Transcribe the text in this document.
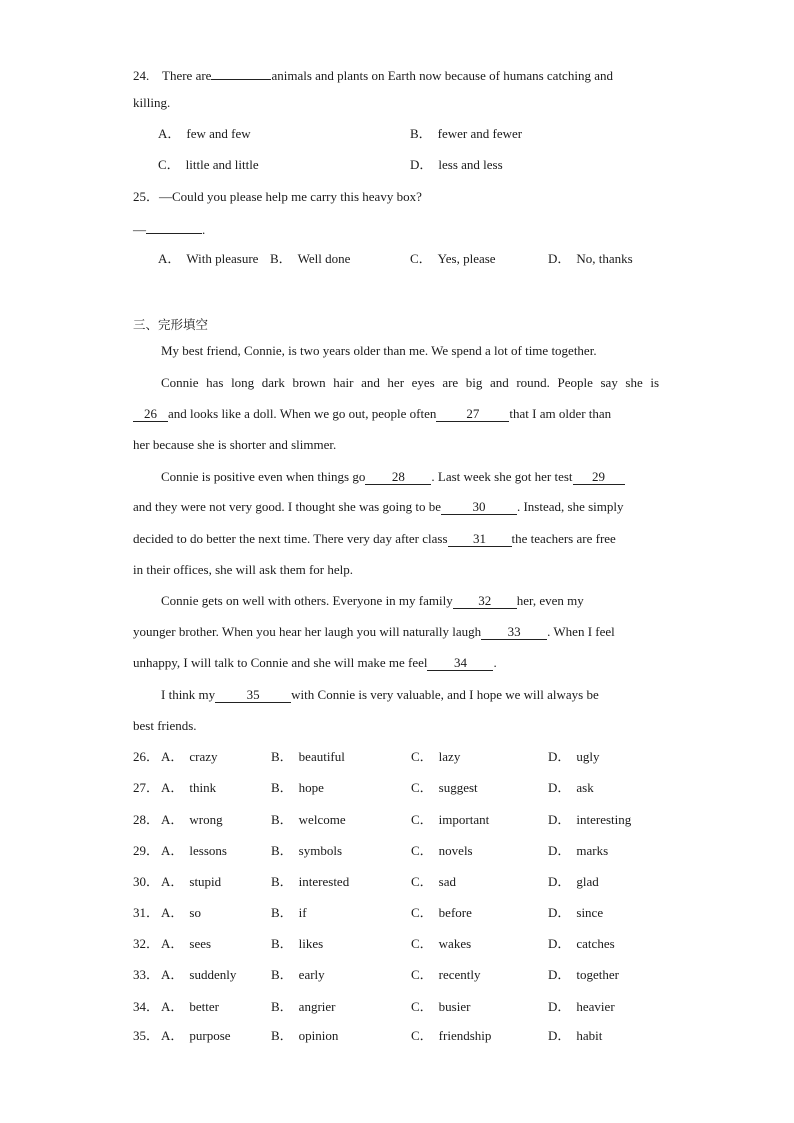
24. There are	animals and plants on Earth now because of humans catching and
killing.
A． few and few	B． fewer and fewer
C． little and little	D． less and less
25．—Could you please help me carry this heavy box?
—	.
A． With pleasure B． Well done	C． Yes, please	D． No, thanks
三、完形填空
My best friend, Connie, is two years older than me. We spend a lot of time together.
Connie has long dark brown hair and her eyes are big and round. People say she is
26 and looks like a doll. When we go out, people often 27 that I am older than
her because she is shorter and slimmer.
Connie is positive even when things go 28 . Last week she got her test 29
and they were not very good. I thought she was going to be 30 . Instead, she simply
decided to do better the next time. There very day after class 31 the teachers are free
in their offices, she will ask them for help.
Connie gets on well with others. Everyone in my family 32 her, even my
younger brother. When you hear her laugh you will naturally laugh 33 . When I feel
unhappy, I will talk to Connie and she will make me feel 34 .
I think my 35 with Connie is very valuable, and I hope we will always be
best friends.
26． A． crazy	B． beautiful	C． lazy	D． ugly
27． A． think	B． hope	C． suggest	D． ask
28． A． wrong	B． welcome	C． important	D． interesting
29． A． lessons	B． symbols	C． novels	D． marks
30． A． stupid	B． interested	C． sad	D． glad
31． A． so	B． if	C． before	D． since
32． A． sees	B． likes	C． wakes	D． catches
33． A． suddenly	B． early	C． recently	D． together
34． A． better	B． angrier	C． busier	D． heavier
35． A． purpose	B． opinion	C． friendship	D． habit
